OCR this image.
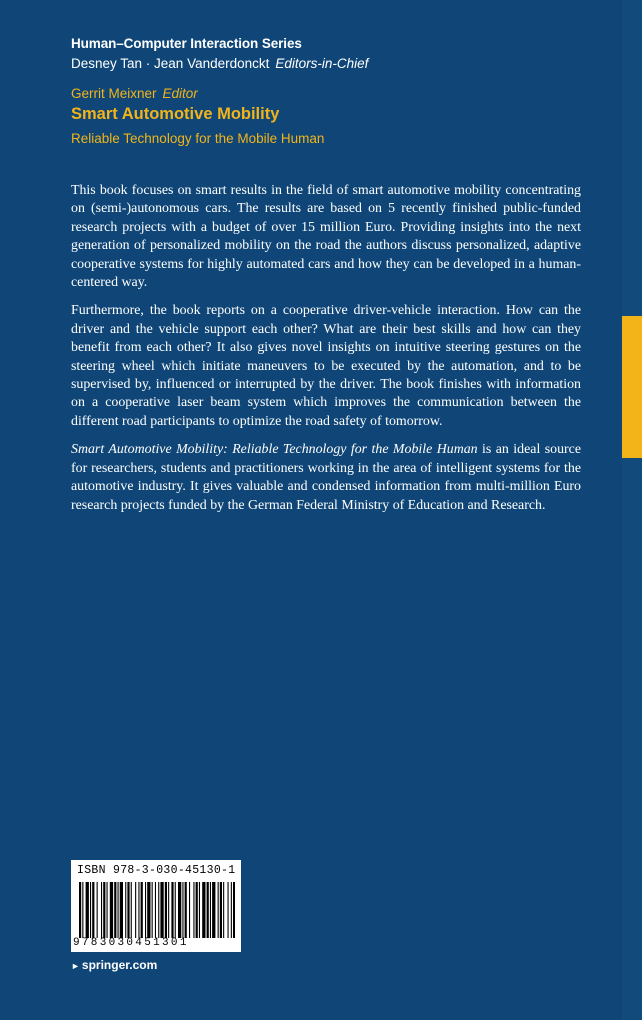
Human–Computer Interaction Series
Desney Tan · Jean Vanderdonckt Editors-in-Chief
Gerrit Meixner Editor
Smart Automotive Mobility
Reliable Technology for the Mobile Human

This book focuses on smart results in the field of smart automotive mobility concentrating on (semi-)autonomous cars. The results are based on 5 recently finished public-funded research projects with a budget of over 15 million Euro. Providing insights into the next generation of personalized mobility on the road the authors discuss personalized, adaptive cooperative systems for highly automated cars and how they can be developed in a human-centered way.

Furthermore, the book reports on a cooperative driver-vehicle interaction. How can the driver and the vehicle support each other? What are their best skills and how can they benefit from each other? It also gives novel insights on intuitive steering gestures on the steering wheel which initiate maneuvers to be executed by the automation, and to be supervised by, influenced or interrupted by the driver. The book finishes with information on a cooperative laser beam system which improves the communication between the different road participants to optimize the road safety of tomorrow.

Smart Automotive Mobility: Reliable Technology for the Mobile Human is an ideal source for researchers, students and practitioners working in the area of intelligent systems for the automotive industry. It gives valuable and condensed information from multi-million Euro research projects funded by the German Federal Ministry of Education and Research.

ISBN 978-3-030-45130-1
9783030451301
► springer.com
